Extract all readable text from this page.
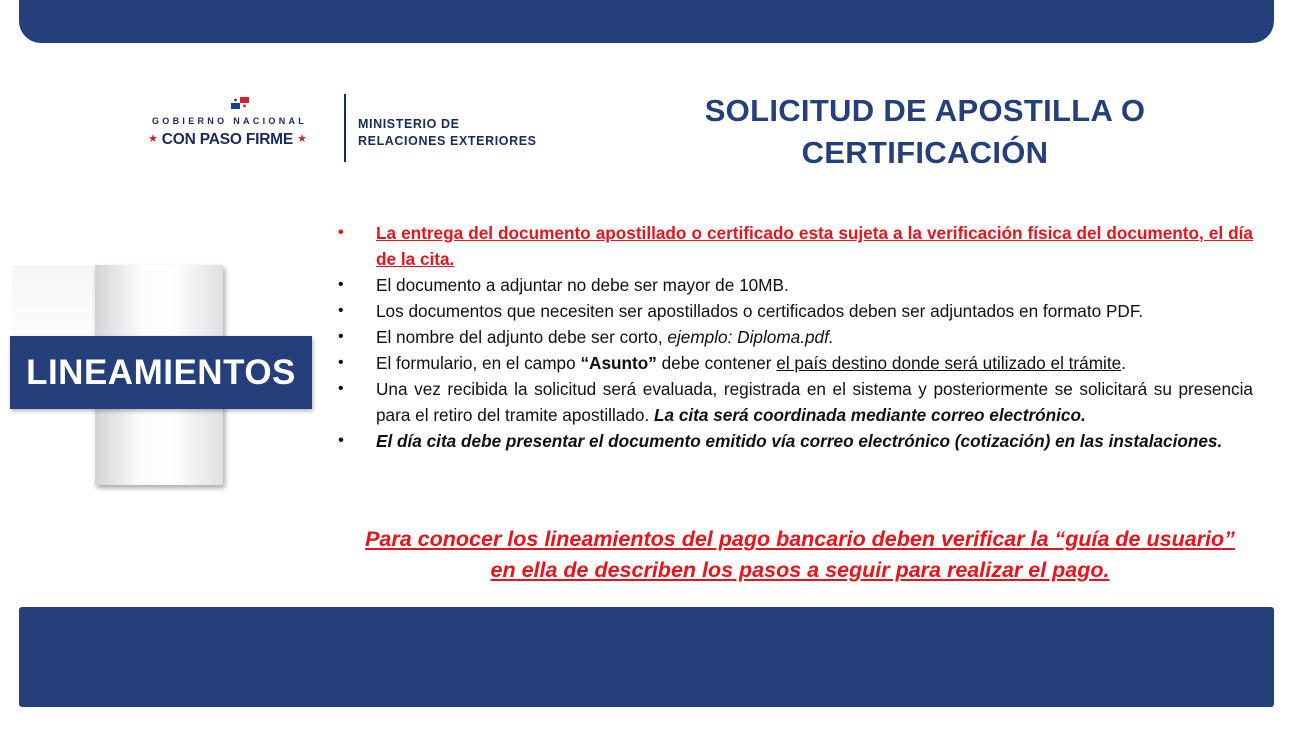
GOBIERNO NACIONAL
★ CON PASO FIRME ★
MINISTERIO DE
RELACIONES EXTERIORES
SOLICITUD DE APOSTILLA O
CERTIFICACIÓN
LINEAMIENTOS
• La entrega del documento apostillado o certificado esta sujeta a la verificación física del documento, el día de la cita.
• El documento a adjuntar no debe ser mayor de 10MB.
• Los documentos que necesiten ser apostillados o certificados deben ser adjuntados en formato PDF.
• El nombre del adjunto debe ser corto, ejemplo: Diploma.pdf.
• El formulario, en el campo “Asunto” debe contener el país destino donde será utilizado el trámite.
• Una vez recibida la solicitud será evaluada, registrada en el sistema y posteriormente se solicitará su presencia para el retiro del tramite apostillado. La cita será coordinada mediante correo electrónico.
• El día cita debe presentar el documento emitido vía correo electrónico (cotización) en las instalaciones.
Para conocer los lineamientos del pago bancario deben verificar la “guía de usuario” en ella de describen los pasos a seguir para realizar el pago.
